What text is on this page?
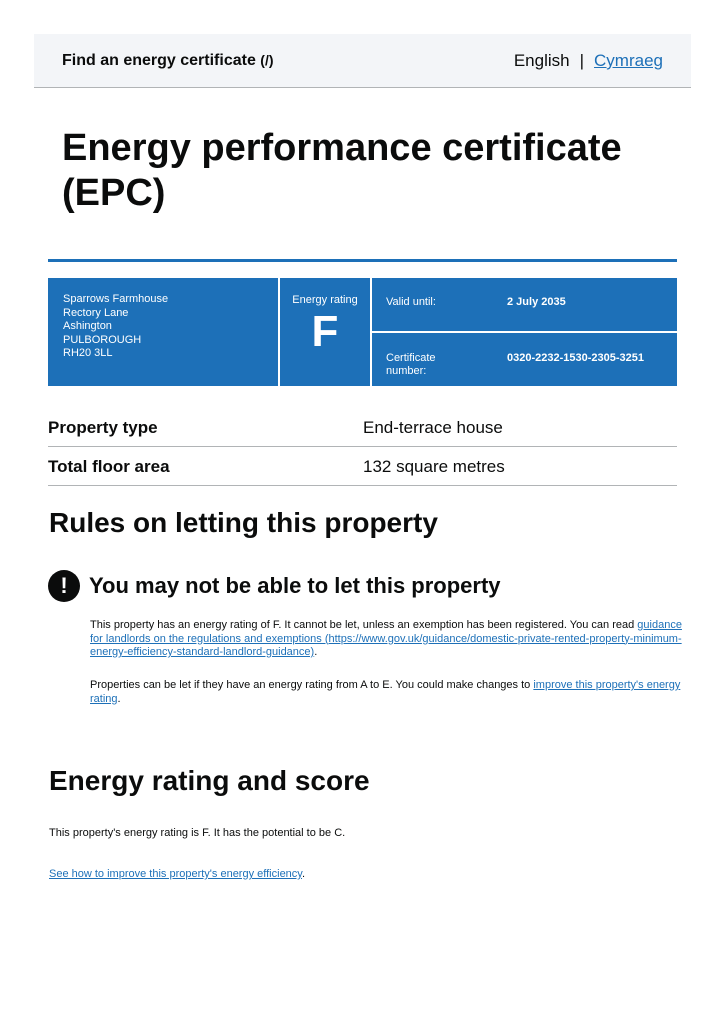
Find an energy certificate (/)	English | Cymraeg
Energy performance certificate (EPC)
Sparrows Farmhouse
Rectory Lane
Ashington
PULBOROUGH
RH20 3LL
Energy rating
F
Valid until:	2 July 2035
Certificate
number:
0320-2232-1530-2305-3251
Property type	End-terrace house
Total floor area	132 square metres
Rules on letting this property
! You may not be able to let this property

This property has an energy rating of F. It cannot be let, unless an exemption has been registered. You can read guidance for landlords on the regulations and exemptions (https://www.gov.uk/guidance/domestic-private-rented-property-minimum-energy-efficiency-standard-landlord-guidance).

Properties can be let if they have an energy rating from A to E. You could make changes to improve this property's energy rating.

Energy rating and score

This property's energy rating is F. It has the potential to be C.

See how to improve this property's energy efficiency.
